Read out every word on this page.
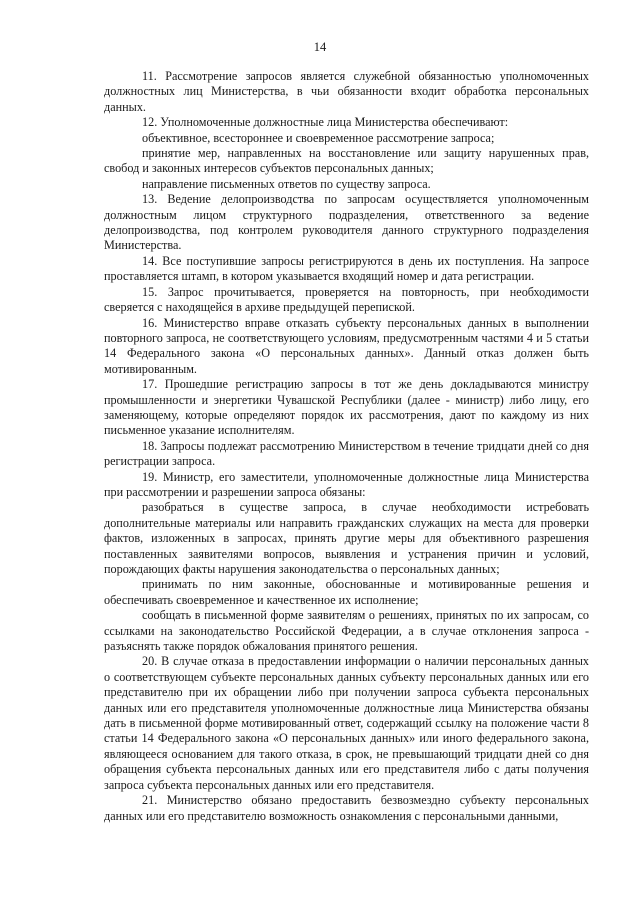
14

11. Рассмотрение запросов является служебной обязанностью уполномоченных должностных лиц Министерства, в чьи обязанности входит обработка персональных данных.

12. Уполномоченные должностные лица Министерства обеспечивают:

объективное, всестороннее и своевременное рассмотрение запроса;

принятие мер, направленных на восстановление или защиту нарушенных прав, свобод и законных интересов субъектов персональных данных;

направление письменных ответов по существу запроса.

13. Ведение делопроизводства по запросам осуществляется уполномоченным должностным лицом структурного подразделения, ответственного за ведение делопроизводства, под контролем руководителя данного структурного подразделения Министерства.

14. Все поступившие запросы регистрируются в день их поступления. На запросе проставляется штамп, в котором указывается входящий номер и дата регистрации.

15. Запрос прочитывается, проверяется на повторность, при необходимости сверяется с находящейся в архиве предыдущей перепиской.

16. Министерство вправе отказать субъекту персональных данных в выполнении повторного запроса, не соответствующего условиям, предусмотренным частями 4 и 5 статьи 14 Федерального закона «О персональных данных». Данный отказ должен быть мотивированным.

17. Прошедшие регистрацию запросы в тот же день докладываются министру промышленности и энергетики Чувашской Республики (далее - министр) либо лицу, его заменяющему, которые определяют порядок их рассмотрения, дают по каждому из них письменное указание исполнителям.

18. Запросы подлежат рассмотрению Министерством в течение тридцати дней со дня регистрации запроса.

19. Министр, его заместители, уполномоченные должностные лица Министерства при рассмотрении и разрешении запроса обязаны:

разобраться в существе запроса, в случае необходимости истребовать дополнительные материалы или направить гражданских служащих на места для проверки фактов, изложенных в запросах, принять другие меры для объективного разрешения поставленных заявителями вопросов, выявления и устранения причин и условий, порождающих факты нарушения законодательства о персональных данных;

принимать по ним законные, обоснованные и мотивированные решения и обеспечивать своевременное и качественное их исполнение;

сообщать в письменной форме заявителям о решениях, принятых по их запросам, со ссылками на законодательство Российской Федерации, а в случае отклонения запроса - разъяснять также порядок обжалования принятого решения.

20. В случае отказа в предоставлении информации о наличии персональных данных о соответствующем субъекте персональных данных субъекту персональных данных или его представителю при их обращении либо при получении запроса субъекта персональных данных или его представителя уполномоченные должностные лица Министерства обязаны дать в письменной форме мотивированный ответ, содержащий ссылку на положение части 8 статьи 14 Федерального закона «О персональных данных» или иного федерального закона, являющееся основанием для такого отказа, в срок, не превышающий тридцати дней со дня обращения субъекта персональных данных или его представителя либо с даты получения запроса субъекта персональных данных или его представителя.

21. Министерство обязано предоставить безвозмездно субъекту персональных данных или его представителю возможность ознакомления с персональными данными,
